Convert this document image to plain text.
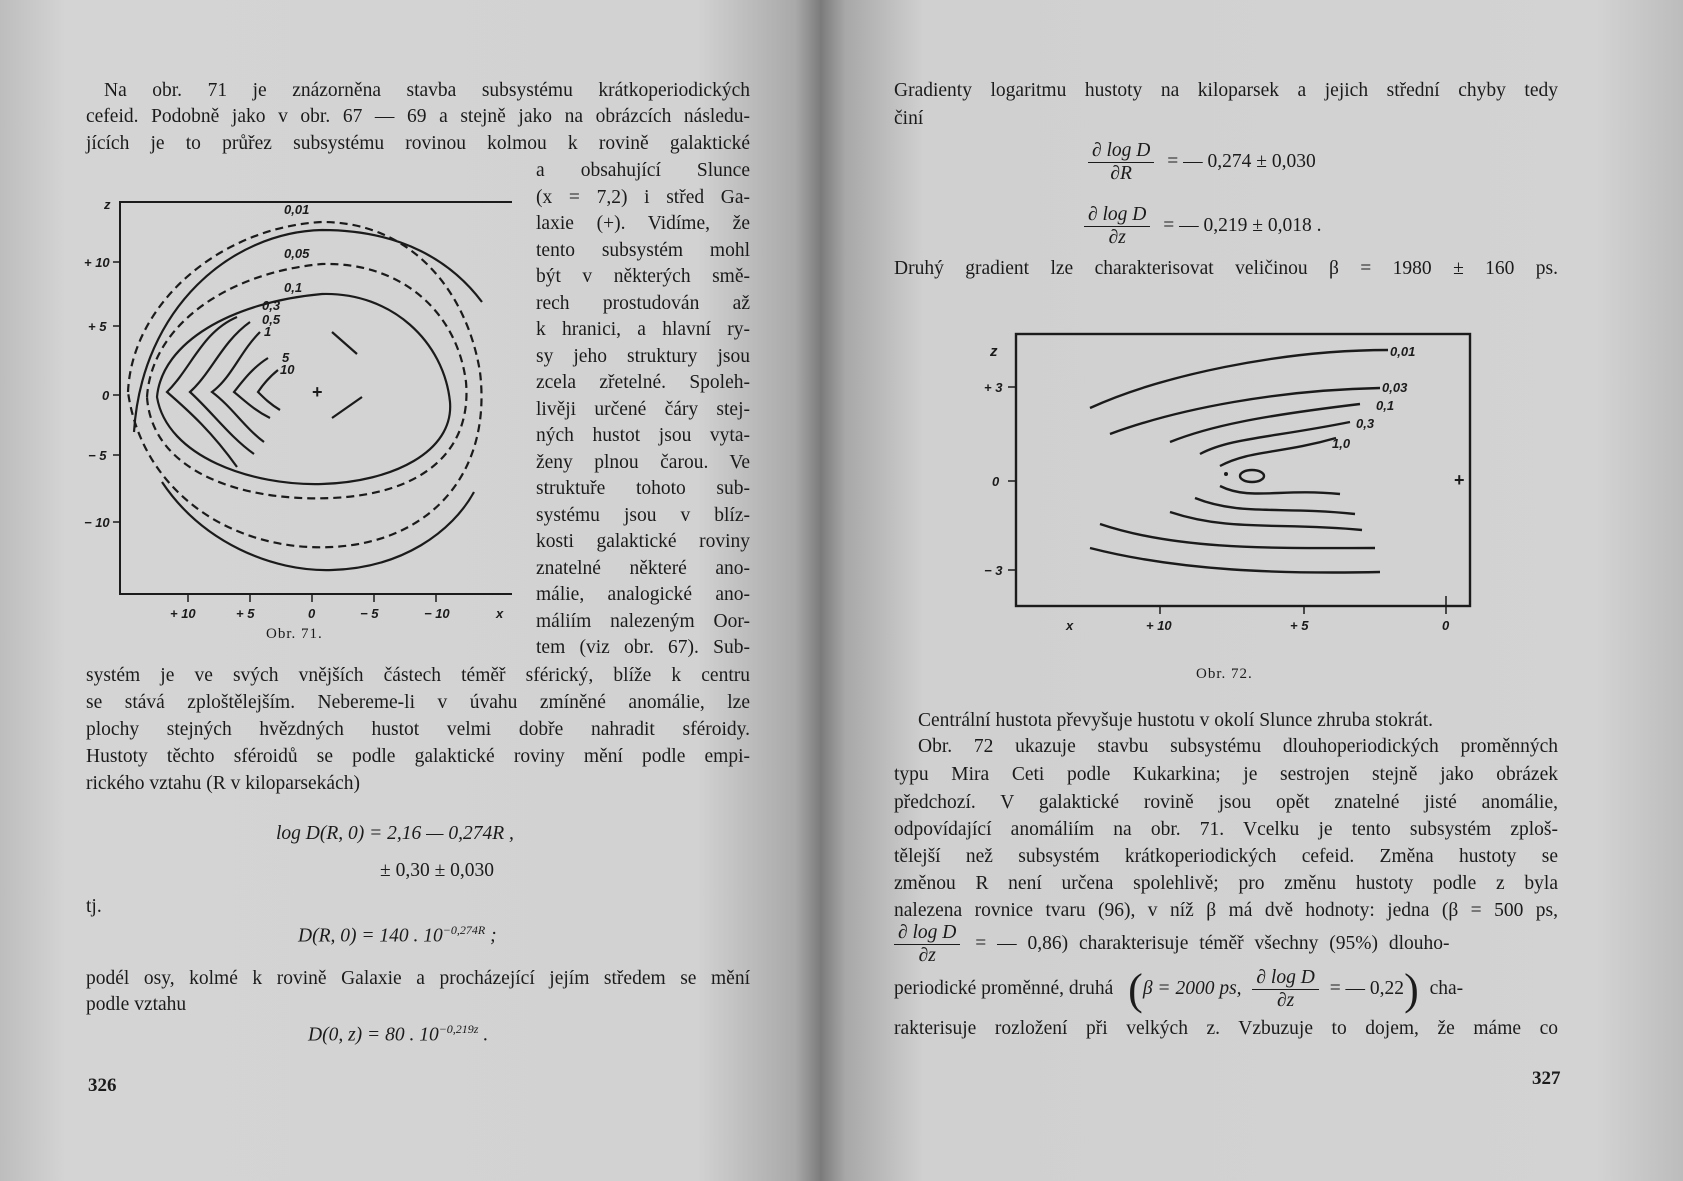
Na obr. 71 je znázorněna stavba subsystému krátkoperiodických
cefeid. Podobně jako v obr. 67 — 69 a stejně jako na obrázcích následu-
jících je to průřez subsystému rovinou kolmou k rovině galaktické
a obsahující Slunce
(x = 7,2) i střed Ga-
laxie (+). Vidíme, že
tento subsystém mohl
být v některých smě-
rech prostudován až
k hranici, a hlavní ry-
sy jeho struktury jsou
zcela zřetelné. Spoleh-
livěji určené čáry stej-
ných hustot jsou vyta-
ženy plnou čarou. Ve
struktuře tohoto sub-
systému jsou v blíz-
kosti galaktické roviny
znatelné některé ano-
málie, analogické ano-
máliím nalezeným Oor-
tem (viz obr. 67). Sub-
systém je ve svých vnějších částech téměř sférický, blíže k centru
se stává zploštělejším. Nebereme-li v úvahu zmíněné anomálie, lze
plochy stejných hvězdných hustot velmi dobře nahradit sféroidy.
Hustoty těchto sféroidů se podle galaktické roviny mění podle empi-
rického vztahu (R v kiloparsekách)
log D(R, 0) = 2,16 — 0,274R ,
± 0,30 ± 0,030
tj.
D(R, 0) = 140 . $10^{-0,274R}$ ;
podél osy, kolmé k rovině Galaxie a procházející jejím středem se mění
podle vztahu
D(0, z) = 80 . $10^{-0,219z}$ .
326
z
+ 10
+ 5
0
− 5
− 10
+ 10	+ 5	0	− 5	− 10	x
0,01
0,05
0,1
0,3
0,5
1
5
10
+
Obr. 71.
Gradienty logaritmu hustoty na kiloparsek a jejich střední chyby tedy
činí
$\frac{\text{∂ log D}}{\partial R}$ = — 0,274 ± 0,030
$\frac{\text{∂ log D}}{\partial z}$ = — 0,219 ± 0,018 .
Druhý gradient lze charakterisovat veličinou β = 1980 ± 160 ps.
z
+ 3
0
− 3
x	+ 10	+ 5	0
0,01
0,03
0,1
0,3
1,0
+
Obr. 72.
Centrální hustota převyšuje hustotu v okolí Slunce zhruba stokrát.
Obr. 72 ukazuje stavbu subsystému dlouhoperiodických proměnných
typu Mira Ceti podle Kukarkina; je sestrojen stejně jako obrázek
předchozí. V galaktické rovině jsou opět znatelné jisté anomálie,
odpovídající anomáliím na obr. 71. Vcelku je tento subsystém zploš-
tělejší než subsystém krátkoperiodických cefeid. Změna hustoty se
změnou R není určena spolehlivě; pro změnu hustoty podle z byla
nalezena rovnice tvaru (96), v níž β má dvě hodnoty: jedna (β = 500 ps,
$\frac{\text{∂ log D}}{\partial z}$ = — 0,86) charakterisuje téměř všechny (95%) dlouho-
periodické proměnné, druhá (β = 2000 ps, $\frac{\text{∂ log D}}{\partial z}$ = — 0,22) cha-
rakterisuje rozložení při velkých z. Vzbuzuje to dojem, že máme co
327
